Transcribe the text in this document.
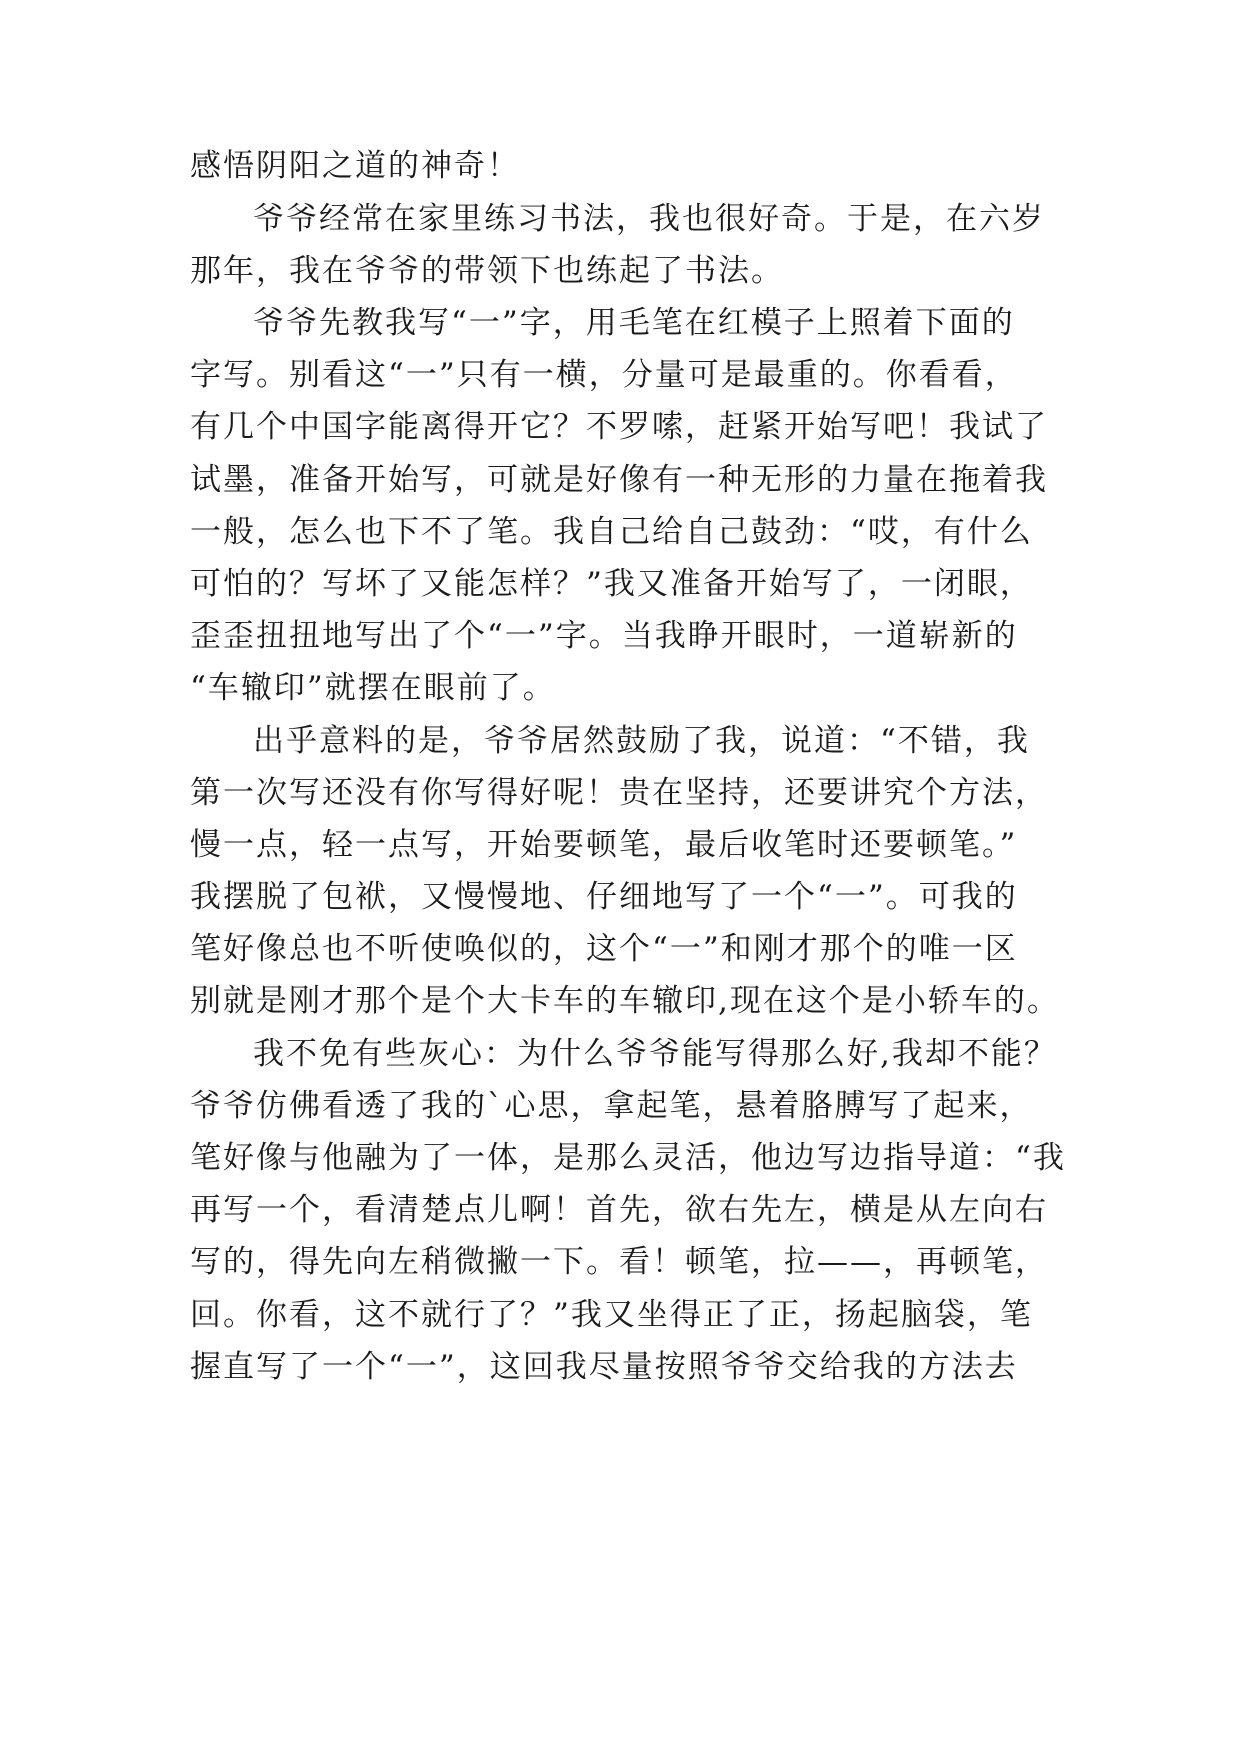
感悟阴阳之道的神奇！
爷爷经常在家里练习书法，我也很好奇。于是，在六岁
那年，我在爷爷的带领下也练起了书法。
爷爷先教我写“一”字，用毛笔在红模子上照着下面的
字写。别看这“一”只有一横，分量可是最重的。你看看，
有几个中国字能离得开它？不罗嗦，赶紧开始写吧！我试了
试墨，准备开始写，可就是好像有一种无形的力量在拖着我
一般，怎么也下不了笔。我自己给自己鼓劲：“哎，有什么
可怕的？写坏了又能怎样？”我又准备开始写了，一闭眼，
歪歪扭扭地写出了个“一”字。当我睁开眼时，一道崭新的
“车辙印”就摆在眼前了。
出乎意料的是，爷爷居然鼓励了我，说道：“不错，我
第一次写还没有你写得好呢！贵在坚持，还要讲究个方法，
慢一点，轻一点写，开始要顿笔，最后收笔时还要顿笔。”
我摆脱了包袱，又慢慢地、仔细地写了一个“一”。可我的
笔好像总也不听使唤似的，这个“一”和刚才那个的唯一区
别就是刚才那个是个大卡车的车辙印,现在这个是小轿车的。
我不免有些灰心：为什么爷爷能写得那么好,我却不能？
爷爷仿佛看透了我的`心思，拿起笔，悬着胳膊写了起来，
笔好像与他融为了一体，是那么灵活，他边写边指导道：“我
再写一个，看清楚点儿啊！首先，欲右先左，横是从左向右
写的，得先向左稍微撇一下。看！顿笔，拉——，再顿笔，
回。你看，这不就行了？”我又坐得正了正，扬起脑袋，笔
握直写了一个“一”，这回我尽量按照爷爷交给我的方法去
